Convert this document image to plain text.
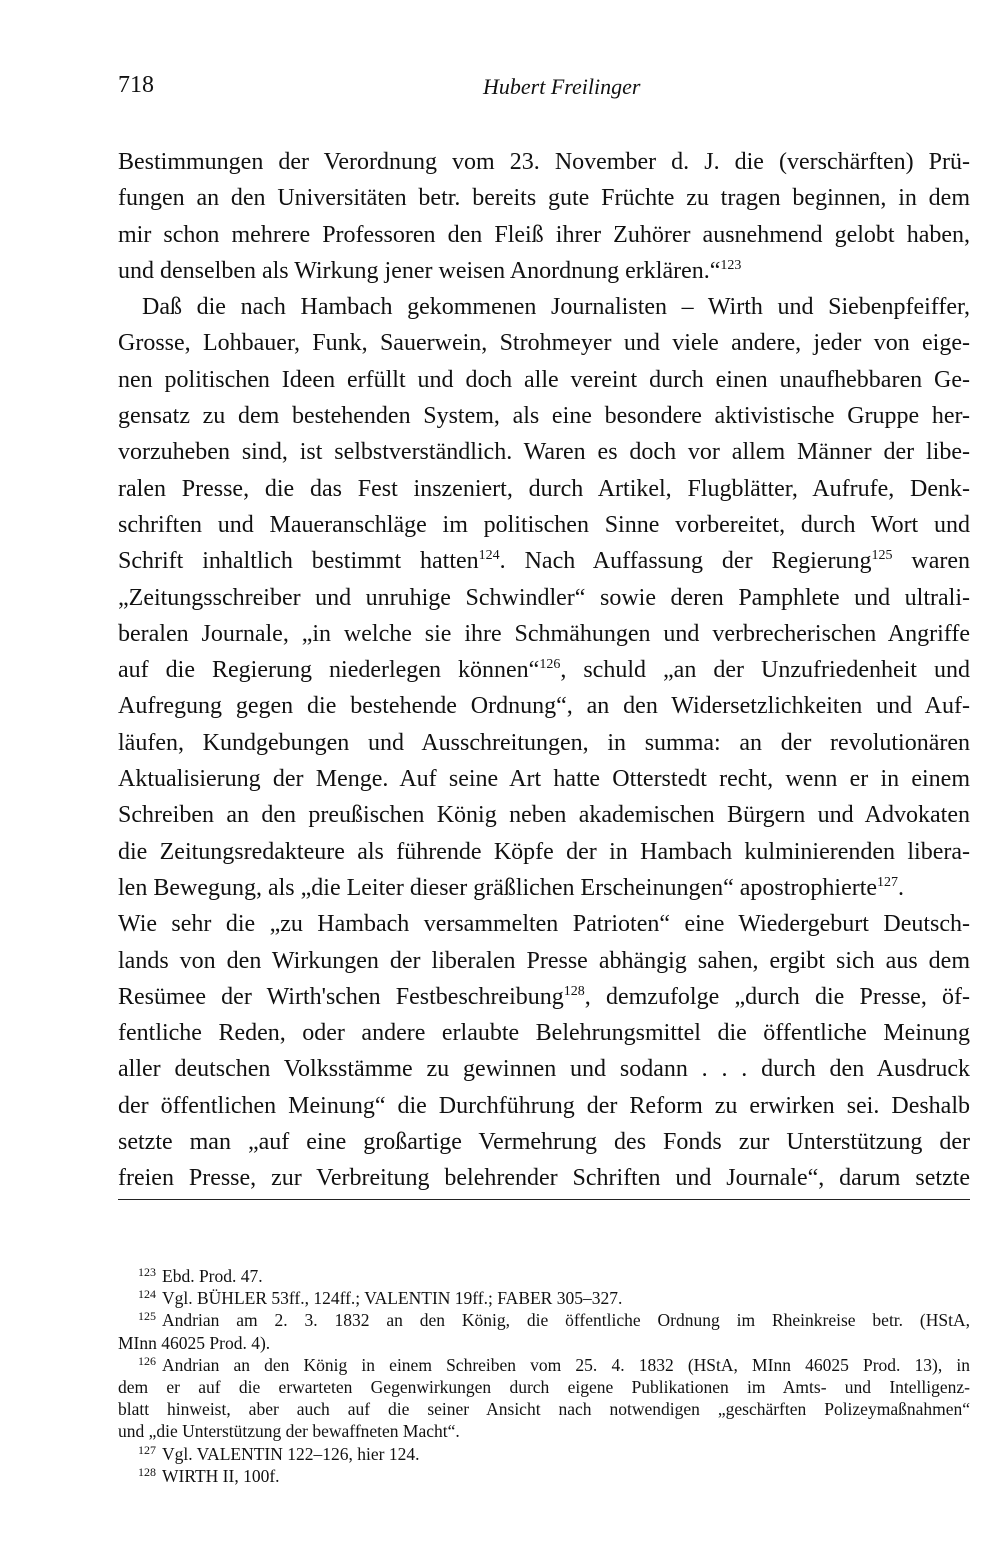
718	Hubert Freilinger
Bestimmungen der Verordnung vom 23. November d. J. die (verschärften) Prü-
fungen an den Universitäten betr. bereits gute Früchte zu tragen beginnen, in dem
mir schon mehrere Professoren den Fleiß ihrer Zuhörer ausnehmend gelobt haben,
und denselben als Wirkung jener weisen Anordnung erklären.“$^{123}$
Daß die nach Hambach gekommenen Journalisten – Wirth und Siebenpfeiffer,
Grosse, Lohbauer, Funk, Sauerwein, Strohmeyer und viele andere, jeder von eige-
nen politischen Ideen erfüllt und doch alle vereint durch einen unaufhebbaren Ge-
gensatz zu dem bestehenden System, als eine besondere aktivistische Gruppe her-
vorzuheben sind, ist selbstverständlich. Waren es doch vor allem Männer der libe-
ralen Presse, die das Fest inszeniert, durch Artikel, Flugblätter, Aufrufe, Denk-
schriften und Maueranschläge im politischen Sinne vorbereitet, durch Wort und
Schrift inhaltlich bestimmt hatten$^{124}$. Nach Auffassung der Regierung$^{125}$ waren
„Zeitungsschreiber und unruhige Schwindler“ sowie deren Pamphlete und ultrali-
beralen Journale, „in welche sie ihre Schmähungen und verbrecherischen Angriffe
auf die Regierung niederlegen können“$^{126}$, schuld „an der Unzufriedenheit und
Aufregung gegen die bestehende Ordnung“, an den Widersetzlichkeiten und Auf-
läufen, Kundgebungen und Ausschreitungen, in summa: an der revolutionären
Aktualisierung der Menge. Auf seine Art hatte Otterstedt recht, wenn er in einem
Schreiben an den preußischen König neben akademischen Bürgern und Advokaten
die Zeitungsredakteure als führende Köpfe der in Hambach kulminierenden libera-
len Bewegung, als „die Leiter dieser gräßlichen Erscheinungen“ apostrophierte$^{127}$.
Wie sehr die „zu Hambach versammelten Patrioten“ eine Wiedergeburt Deutsch-
lands von den Wirkungen der liberalen Presse abhängig sahen, ergibt sich aus dem
Resümee der Wirth'schen Festbeschreibung$^{128}$, demzufolge „durch die Presse, öf-
fentliche Reden, oder andere erlaubte Belehrungsmittel die öffentliche Meinung
aller deutschen Volksstämme zu gewinnen und sodann . . . durch den Ausdruck
der öffentlichen Meinung“ die Durchführung der Reform zu erwirken sei. Deshalb
setzte man „auf eine großartige Vermehrung des Fonds zur Unterstützung der
freien Presse, zur Verbreitung belehrender Schriften und Journale“, darum setzte
$^{123}$ Ebd. Prod. 47.
$^{124}$ Vgl. BÜHLER 53ff., 124ff.; VALENTIN 19ff.; FABER 305–327.
$^{125}$ Andrian am 2. 3. 1832 an den König, die öffentliche Ordnung im Rheinkreise betr. (HStA,
MInn 46025 Prod. 4).
$^{126}$ Andrian an den König in einem Schreiben vom 25. 4. 1832 (HStA, MInn 46025 Prod. 13), in
dem er auf die erwarteten Gegenwirkungen durch eigene Publikationen im Amts- und Intelligenz-
blatt hinweist, aber auch auf die seiner Ansicht nach notwendigen „geschärften Polizeymaßnahmen“
und „die Unterstützung der bewaffneten Macht“.
$^{127}$ Vgl. VALENTIN 122–126, hier 124.
$^{128}$ WIRTH II, 100f.
